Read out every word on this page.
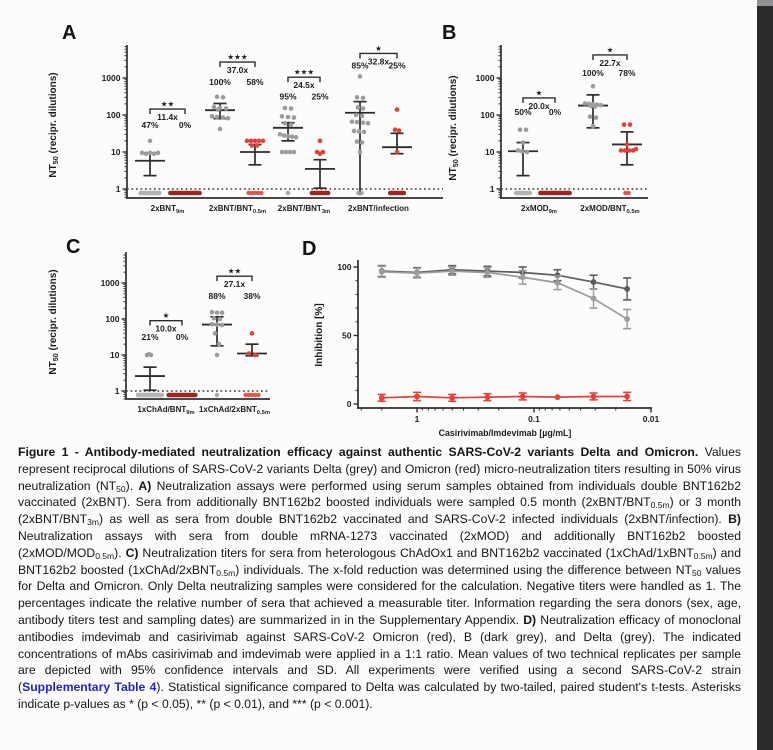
A	B
C	D
1000
100
10
1
$NT_{50}$ (recipr. dilutions)	★★
11.4x
47% 0%
2xBNT$_{9m}$
★★★
37.0x
100% 58%
$2xBNT/BNT_{0.5m}$
★★★
24.5x
95% 25%
$2xBNT/BNT_{3m}$
★
32.8x
85% 25%
2xBNT/infection
1000
100
10
1
$NT_{50}$ (recipr. dilutions)	★
20.0x
50% 0%
2xMOD$_{9m}$
★
22.7x
100% 78%
$2xMOD/BNT_{0.5m}$
1000
100
10
1
$NT_{50}$ (recipr. dilutions)	★
10.0x
21% 0%
$1xChAd/BNT_{9m}$
★★
27.1x
88% 38%
1xChAd/2xBNT$_{0.5m}$
0
50
100
1	0.1	0.01
Inhibition [%]
Casirivimab/Imdevimab [µg/mL]

Figure 1 - Antibody-mediated neutralization efficacy against authentic SARS-CoV-2 variants Delta and Omicron. Values represent reciprocal dilutions of SARS-CoV-2 variants Delta (grey) and Omicron (red) micro-neutralization titers resulting in 50% virus neutralization $(NT_{50})$. A) Neutralization assays were performed using serum samples obtained from individuals double BNT162b2 vaccinated (2xBNT). Sera from additionally BNT162b2 boosted individuals were sampled 0.5 month $(2xBNT/BNT_{0.5m})$ or 3 month $(2xBNT/BNT_{3m})$ as well as sera from double BNT162b2 vaccinated and SARS-CoV-2 infected individuals (2xBNT/infection). B) Neutralization assays with sera from double mRNA-1273 vaccinated (2xMOD) and additionally BNT162b2 boosted $(2xMOD/MOD_{0.5m})$. C) Neutralization titers for sera from heterologous ChAdOx1 and BNT162b2 vaccinated (1xChAd/1xBNT$_{0.5m}$) and BNT162b2 boosted (1xChAd/2xBNT$_{0.5m}$) individuals. The x-fold reduction was determined using the difference between $NT_{50}$ values for Delta and Omicron. Only Delta neutralizing samples were considered for the calculation. Negative titers were handled as 1. The percentages indicate the relative number of sera that achieved a measurable titer. Information regarding the sera donors (sex, age, antibody titers test and sampling dates) are summarized in in the Supplementary Appendix. D) Neutralization efficacy of monoclonal antibodies imdevimab and casirivimab against SARS-CoV-2 Omicron (red), B (dark grey), and Delta (grey). The indicated concentrations of mAbs casirivimab and imdevimab were applied in a 1:1 ratio. Mean values of two technical replicates per sample are depicted with 95% confidence intervals and SD. All experiments were verified using a second SARS-CoV-2 strain (Supplementary Table 4). Statistical significance compared to Delta was calculated by two-tailed, paired student's t-tests. Asterisks indicate p-values as * (p < 0.05), ** (p < 0.01), and *** (p < 0.001).
